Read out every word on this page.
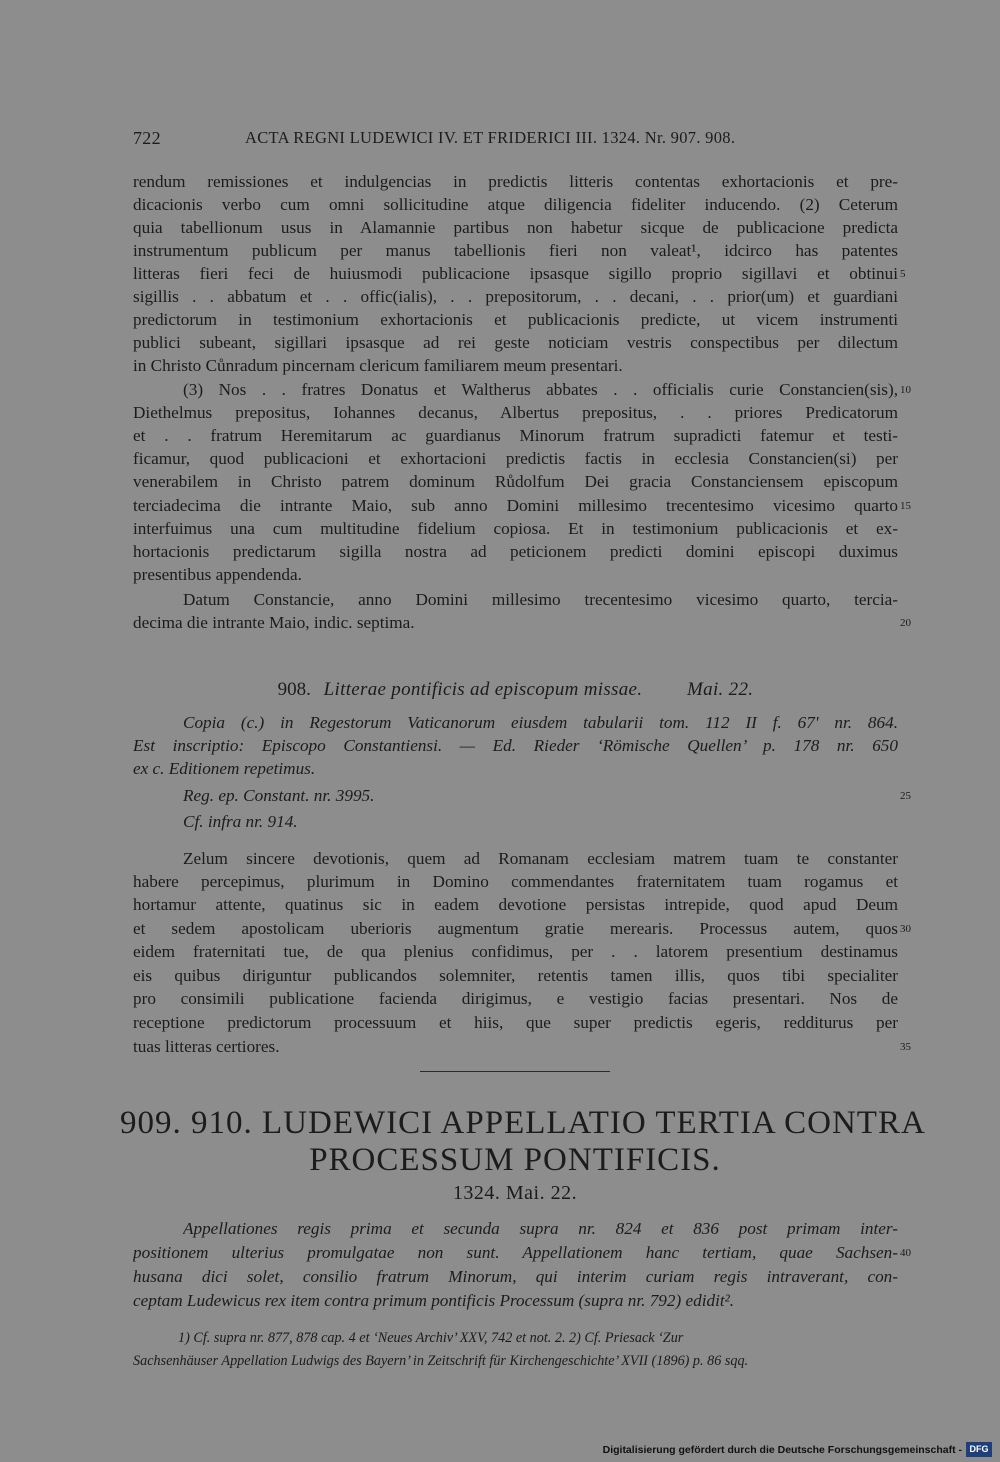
722	ACTA REGNI LUDEWICI IV. ET FRIDERICI III. 1324. Nr. 907. 908.
rendum remissiones et indulgencias in predictis litteris contentas exhortacionis et pre-
dicacionis verbo cum omni sollicitudine atque diligencia fideliter inducendo. (2) Ceterum
quia tabellionum usus in Alamannie partibus non habetur sicque de publicacione predicta
instrumentum publicum per manus tabellionis fieri non valeat¹, idcirco has patentes
litteras fieri feci de huiusmodi publicacione ipsasque sigillo proprio sigillavi et obtinui
sigillis . . abbatum et . . offic(ialis), . . prepositorum, . . decani, . . prior(um) et guardiani
predictorum in testimonium exhortacionis et publicacionis predicte, ut vicem instrumenti
publici subeant, sigillari ipsasque ad rei geste noticiam vestris conspectibus per dilectum
in Christo Cůnradum pincernam clericum familiarem meum presentari.
(3) Nos . . fratres Donatus et Waltherus abbates . . officialis curie Constancien(sis),
Diethelmus prepositus, Iohannes decanus, Albertus prepositus, . . priores Predicatorum
et . . fratrum Heremitarum ac guardianus Minorum fratrum supradicti fatemur et testi-
ficamur, quod publicacioni et exhortacioni predictis factis in ecclesia Constancien(si) per
venerabilem in Christo patrem dominum Růdolfum Dei gracia Constanciensem episcopum
terciadecima die intrante Maio, sub anno Domini millesimo trecentesimo vicesimo quarto
interfuimus una cum multitudine fidelium copiosa. Et in testimonium publicacionis et ex-
hortacionis predictarum sigilla nostra ad peticionem predicti domini episcopi duximus
presentibus appendenda.
Datum Constancie, anno Domini millesimo trecentesimo vicesimo quarto, tercia-
decima die intrante Maio, indic. septima.
5
10
15
20
908. Litterae pontificis ad episcopum missae. Mai. 22.
Copia (c.) in Regestorum Vaticanorum eiusdem tabularii tom. 112 II f. 67' nr. 864.
Est inscriptio: Episcopo Constantiensi. — Ed. Rieder ‘Römische Quellen’ p. 178 nr. 650
ex c. Editionem repetimus.
Reg. ep. Constant. nr. 3995.
Cf. infra nr. 914.
25
Zelum sincere devotionis, quem ad Romanam ecclesiam matrem tuam te constanter
habere percepimus, plurimum in Domino commendantes fraternitatem tuam rogamus et
hortamur attente, quatinus sic in eadem devotione persistas intrepide, quod apud Deum
et sedem apostolicam uberioris augmentum gratie merearis. Processus autem, quos
eidem fraternitati tue, de qua plenius confidimus, per . . latorem presentium destinamus
eis quibus diriguntur publicandos solemniter, retentis tamen illis, quos tibi specialiter
pro consimili publicatione facienda dirigimus, e vestigio facias presentari. Nos de
receptione predictorum processuum et hiis, que super predictis egeris, redditurus per
tuas litteras certiores.
30
35
909. 910. LUDEWICI APPELLATIO TERTIA CONTRA
PROCESSUM PONTIFICIS.
1324. Mai. 22.
Appellationes regis prima et secunda supra nr. 824 et 836 post primam inter-
positionem ulterius promulgatae non sunt. Appellationem hanc tertiam, quae Sachsen-
husana dici solet, consilio fratrum Minorum, qui interim curiam regis intraverant, con-
ceptam Ludewicus rex item contra primum pontificis Processum (supra nr. 792) edidit².
40
1) Cf. supra nr. 877, 878 cap. 4 et ‘Neues Archiv’ XXV, 742 et not. 2. 2) Cf. Priesack ‘Zur
Sachsenhäuser Appellation Ludwigs des Bayern’ in Zeitschrift für Kirchengeschichte’ XVII (1896) p. 86 sqq.
Digitalisierung gefördert durch die Deutsche Forschungsgemeinschaft - DFG
